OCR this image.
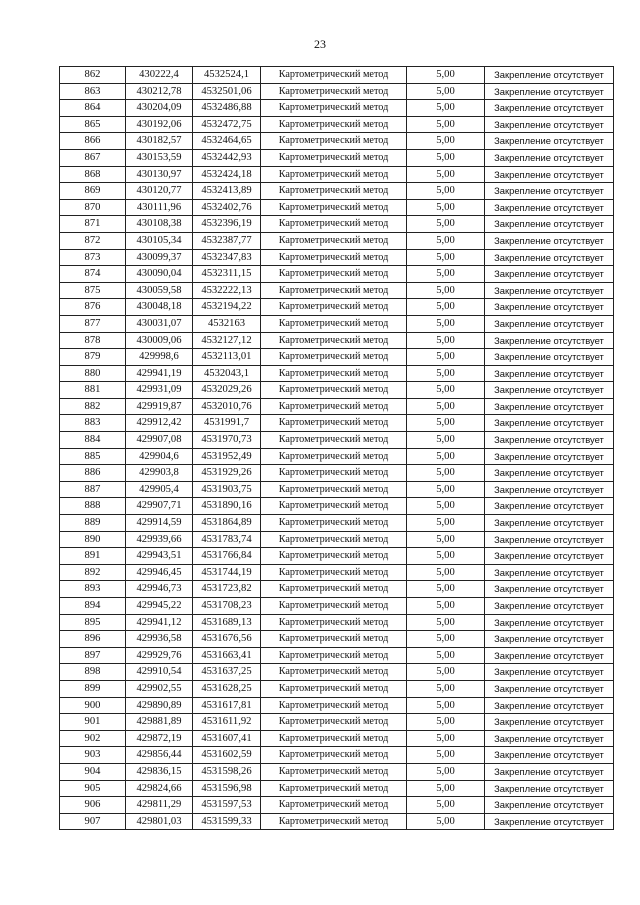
23
862	430222,4	4532524,1	Картометрический метод	5,00	Закрепление отсутствует
863	430212,78	4532501,06	Картометрический метод	5,00	Закрепление отсутствует
864	430204,09	4532486,88	Картометрический метод	5,00	Закрепление отсутствует
865	430192,06	4532472,75	Картометрический метод	5,00	Закрепление отсутствует
866	430182,57	4532464,65	Картометрический метод	5,00	Закрепление отсутствует
867	430153,59	4532442,93	Картометрический метод	5,00	Закрепление отсутствует
868	430130,97	4532424,18	Картометрический метод	5,00	Закрепление отсутствует
869	430120,77	4532413,89	Картометрический метод	5,00	Закрепление отсутствует
870	430111,96	4532402,76	Картометрический метод	5,00	Закрепление отсутствует
871	430108,38	4532396,19	Картометрический метод	5,00	Закрепление отсутствует
872	430105,34	4532387,77	Картометрический метод	5,00	Закрепление отсутствует
873	430099,37	4532347,83	Картометрический метод	5,00	Закрепление отсутствует
874	430090,04	4532311,15	Картометрический метод	5,00	Закрепление отсутствует
875	430059,58	4532222,13	Картометрический метод	5,00	Закрепление отсутствует
876	430048,18	4532194,22	Картометрический метод	5,00	Закрепление отсутствует
877	430031,07	4532163	Картометрический метод	5,00	Закрепление отсутствует
878	430009,06	4532127,12	Картометрический метод	5,00	Закрепление отсутствует
879	429998,6	4532113,01	Картометрический метод	5,00	Закрепление отсутствует
880	429941,19	4532043,1	Картометрический метод	5,00	Закрепление отсутствует
881	429931,09	4532029,26	Картометрический метод	5,00	Закрепление отсутствует
882	429919,87	4532010,76	Картометрический метод	5,00	Закрепление отсутствует
883	429912,42	4531991,7	Картометрический метод	5,00	Закрепление отсутствует
884	429907,08	4531970,73	Картометрический метод	5,00	Закрепление отсутствует
885	429904,6	4531952,49	Картометрический метод	5,00	Закрепление отсутствует
886	429903,8	4531929,26	Картометрический метод	5,00	Закрепление отсутствует
887	429905,4	4531903,75	Картометрический метод	5,00	Закрепление отсутствует
888	429907,71	4531890,16	Картометрический метод	5,00	Закрепление отсутствует
889	429914,59	4531864,89	Картометрический метод	5,00	Закрепление отсутствует
890	429939,66	4531783,74	Картометрический метод	5,00	Закрепление отсутствует
891	429943,51	4531766,84	Картометрический метод	5,00	Закрепление отсутствует
892	429946,45	4531744,19	Картометрический метод	5,00	Закрепление отсутствует
893	429946,73	4531723,82	Картометрический метод	5,00	Закрепление отсутствует
894	429945,22	4531708,23	Картометрический метод	5,00	Закрепление отсутствует
895	429941,12	4531689,13	Картометрический метод	5,00	Закрепление отсутствует
896	429936,58	4531676,56	Картометрический метод	5,00	Закрепление отсутствует
897	429929,76	4531663,41	Картометрический метод	5,00	Закрепление отсутствует
898	429910,54	4531637,25	Картометрический метод	5,00	Закрепление отсутствует
899	429902,55	4531628,25	Картометрический метод	5,00	Закрепление отсутствует
900	429890,89	4531617,81	Картометрический метод	5,00	Закрепление отсутствует
901	429881,89	4531611,92	Картометрический метод	5,00	Закрепление отсутствует
902	429872,19	4531607,41	Картометрический метод	5,00	Закрепление отсутствует
903	429856,44	4531602,59	Картометрический метод	5,00	Закрепление отсутствует
904	429836,15	4531598,26	Картометрический метод	5,00	Закрепление отсутствует
905	429824,66	4531596,98	Картометрический метод	5,00	Закрепление отсутствует
906	429811,29	4531597,53	Картометрический метод	5,00	Закрепление отсутствует
907	429801,03	4531599,33	Картометрический метод	5,00	Закрепление отсутствует
